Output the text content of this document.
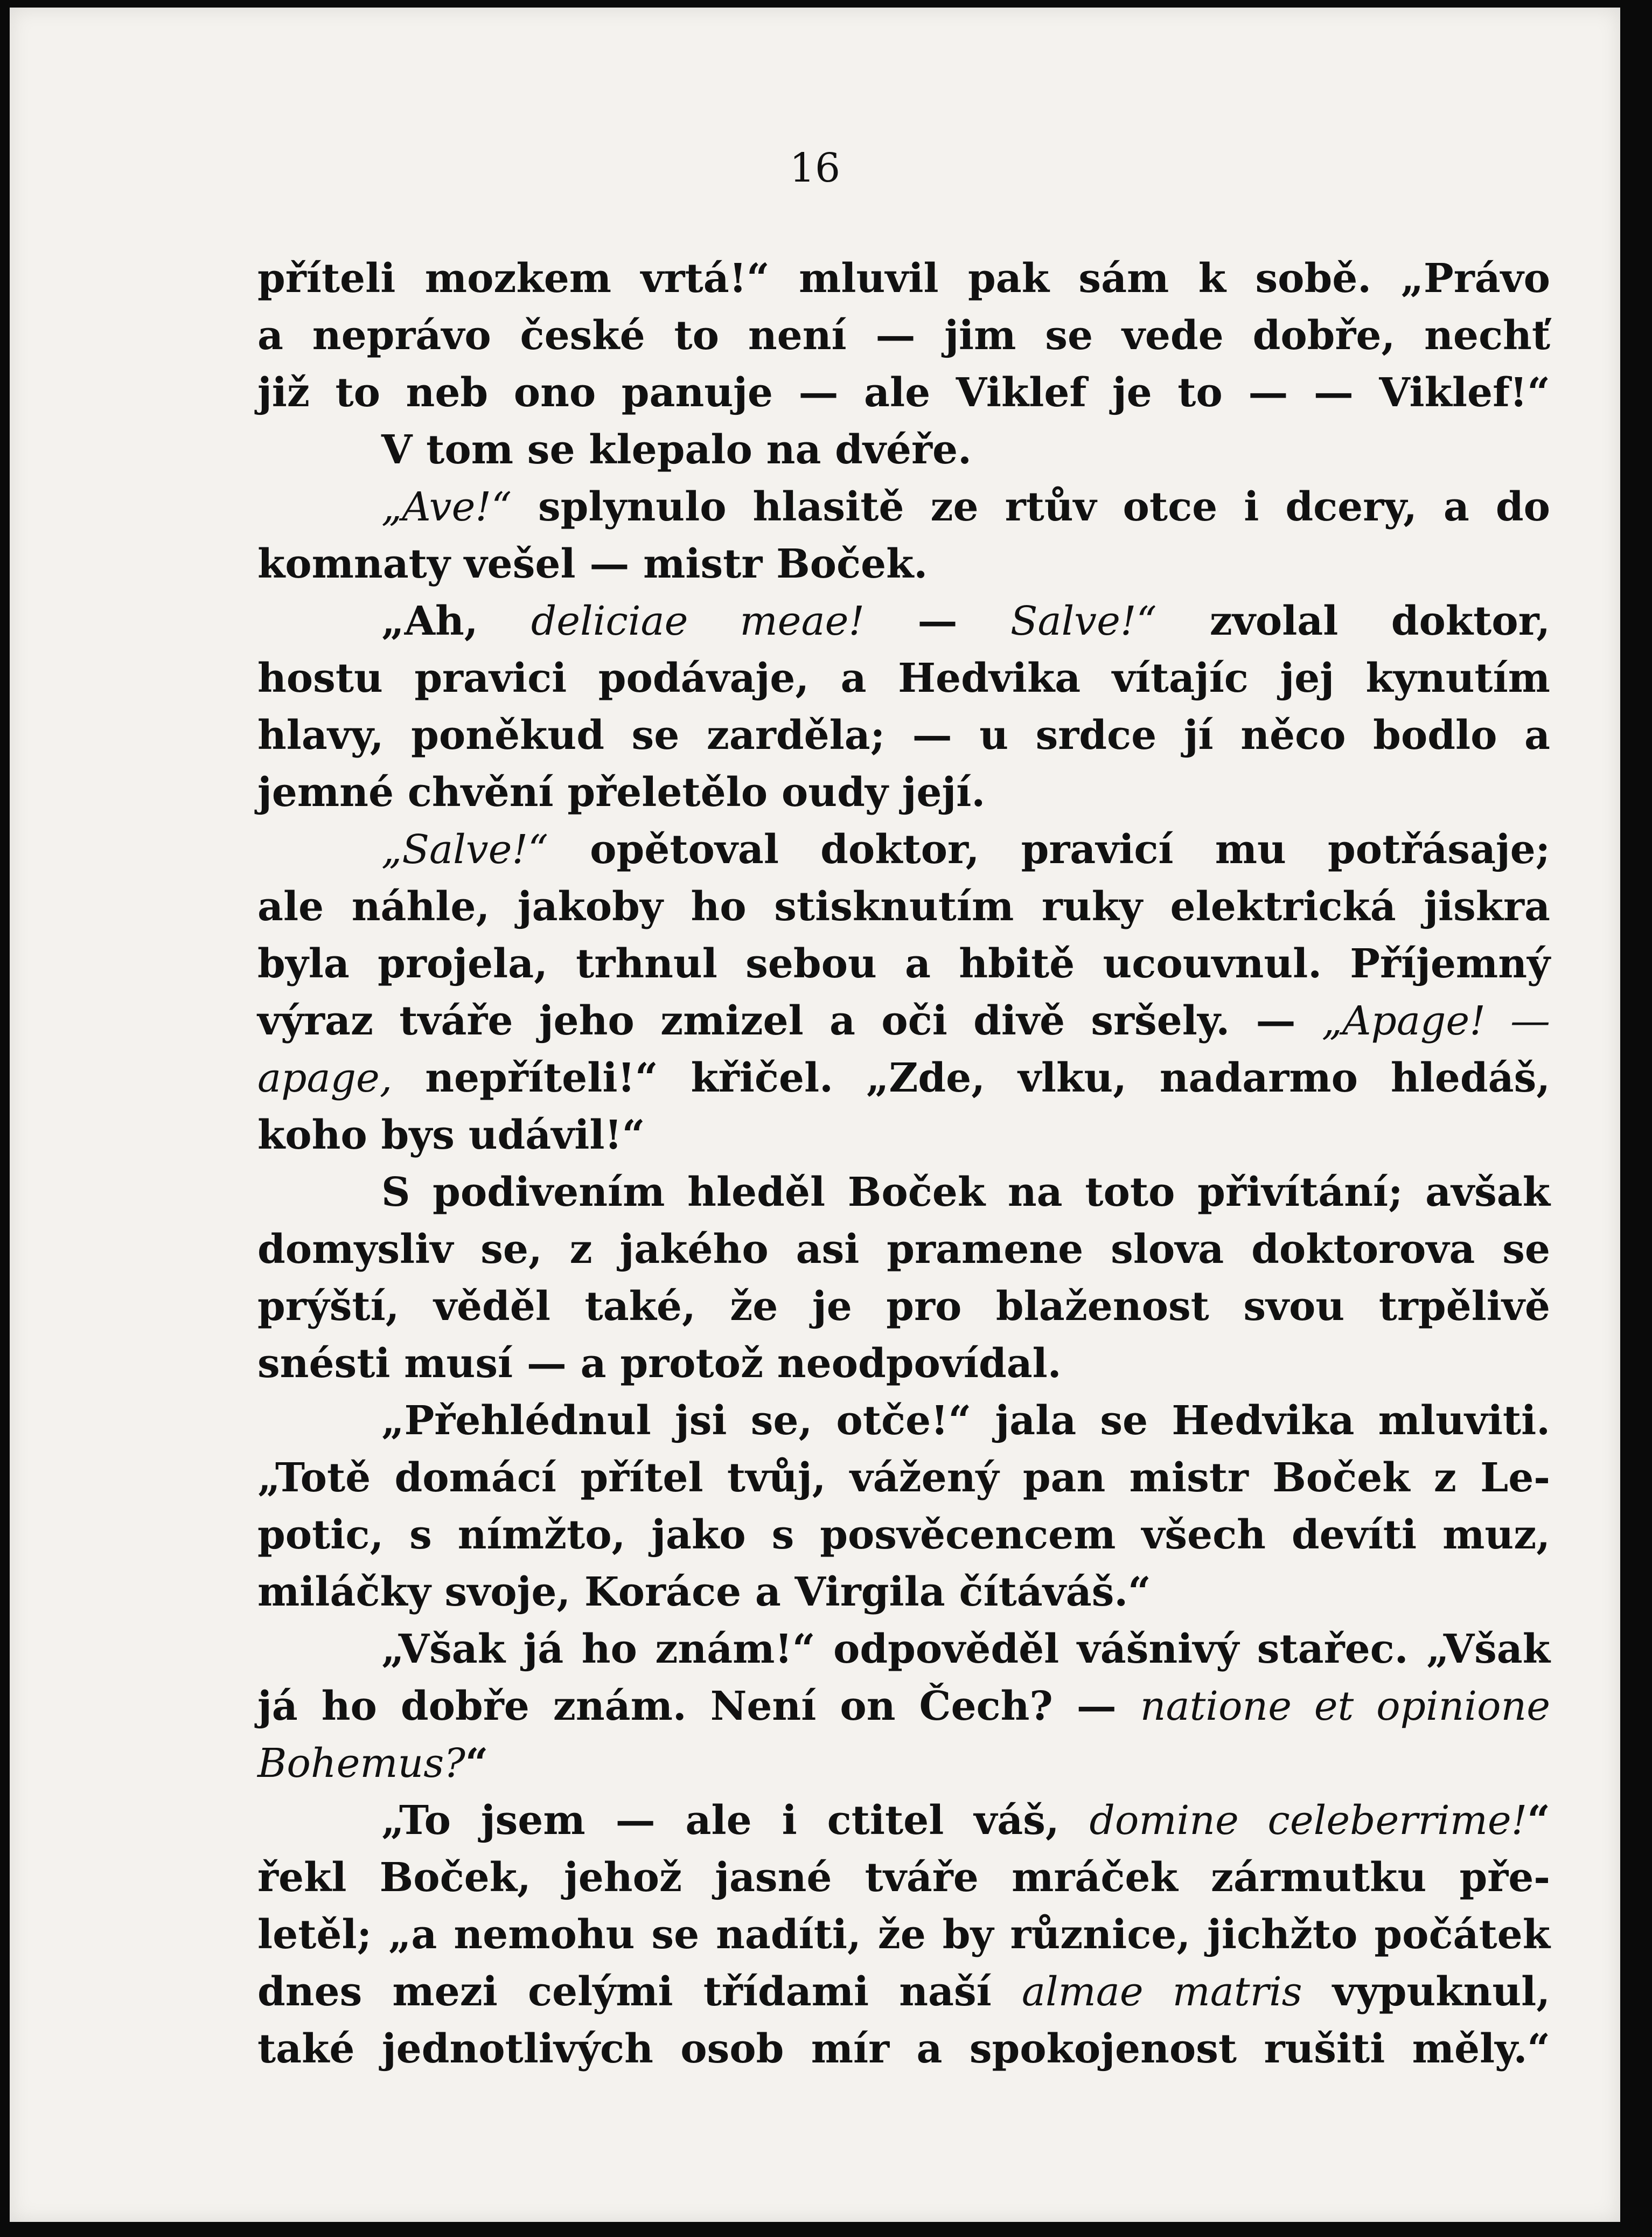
16
příteli mozkem vrtá!“ mluvil pak sám k sobě. „Právo
a neprávo české to není — jim se vede dobře, nechť
již to neb ono panuje — ale Viklef je to — — Viklef!“
V tom se klepalo na dvéře.
„Ave!“ splynulo hlasitě ze rtův otce i dcery, a do
komnaty vešel — mistr Boček.
„Ah, deliciae meae! — Salve!“ zvolal doktor,
hostu pravici podávaje, a Hedvika vítajíc jej kynutím
hlavy, poněkud se zarděla; — u srdce jí něco bodlo a
jemné chvění přeletělo oudy její.
„Salve!“ opětoval doktor, pravicí mu potřásaje;
ale náhle, jakoby ho stisknutím ruky elektrická jiskra
byla projela, trhnul sebou a hbitě ucouvnul. Příjemný
výraz tváře jeho zmizel a oči divě sršely. — „Apage! —
apage, nepříteli!“ křičel. „Zde, vlku, nadarmo hledáš,
koho bys udávil!“
S podivením hleděl Boček na toto přivítání; avšak
domysliv se, z jakého asi pramene slova doktorova se
prýští, věděl také, že je pro blaženost svou trpělivě
snésti musí — a protož neodpovídal.
„Přehlédnul jsi se, otče!“ jala se Hedvika mluviti.
„Totě domácí přítel tvůj, vážený pan mistr Boček z Le-
potic, s nímžto, jako s posvěcencem všech devíti muz,
miláčky svoje, Koráce a Virgila čítáváš.“
„Však já ho znám!“ odpověděl vášnivý stařec. „Však
já ho dobře znám. Není on Čech? — natione et opinione
Bohemus?“
„To jsem — ale i ctitel váš, domine celeberrime!“
řekl Boček, jehož jasné tváře mráček zármutku pře-
letěl; „a nemohu se nadíti, že by různice, jichžto počátek
dnes mezi celými třídami naší almae matris vypuknul,
také jednotlivých osob mír a spokojenost rušiti měly.“
